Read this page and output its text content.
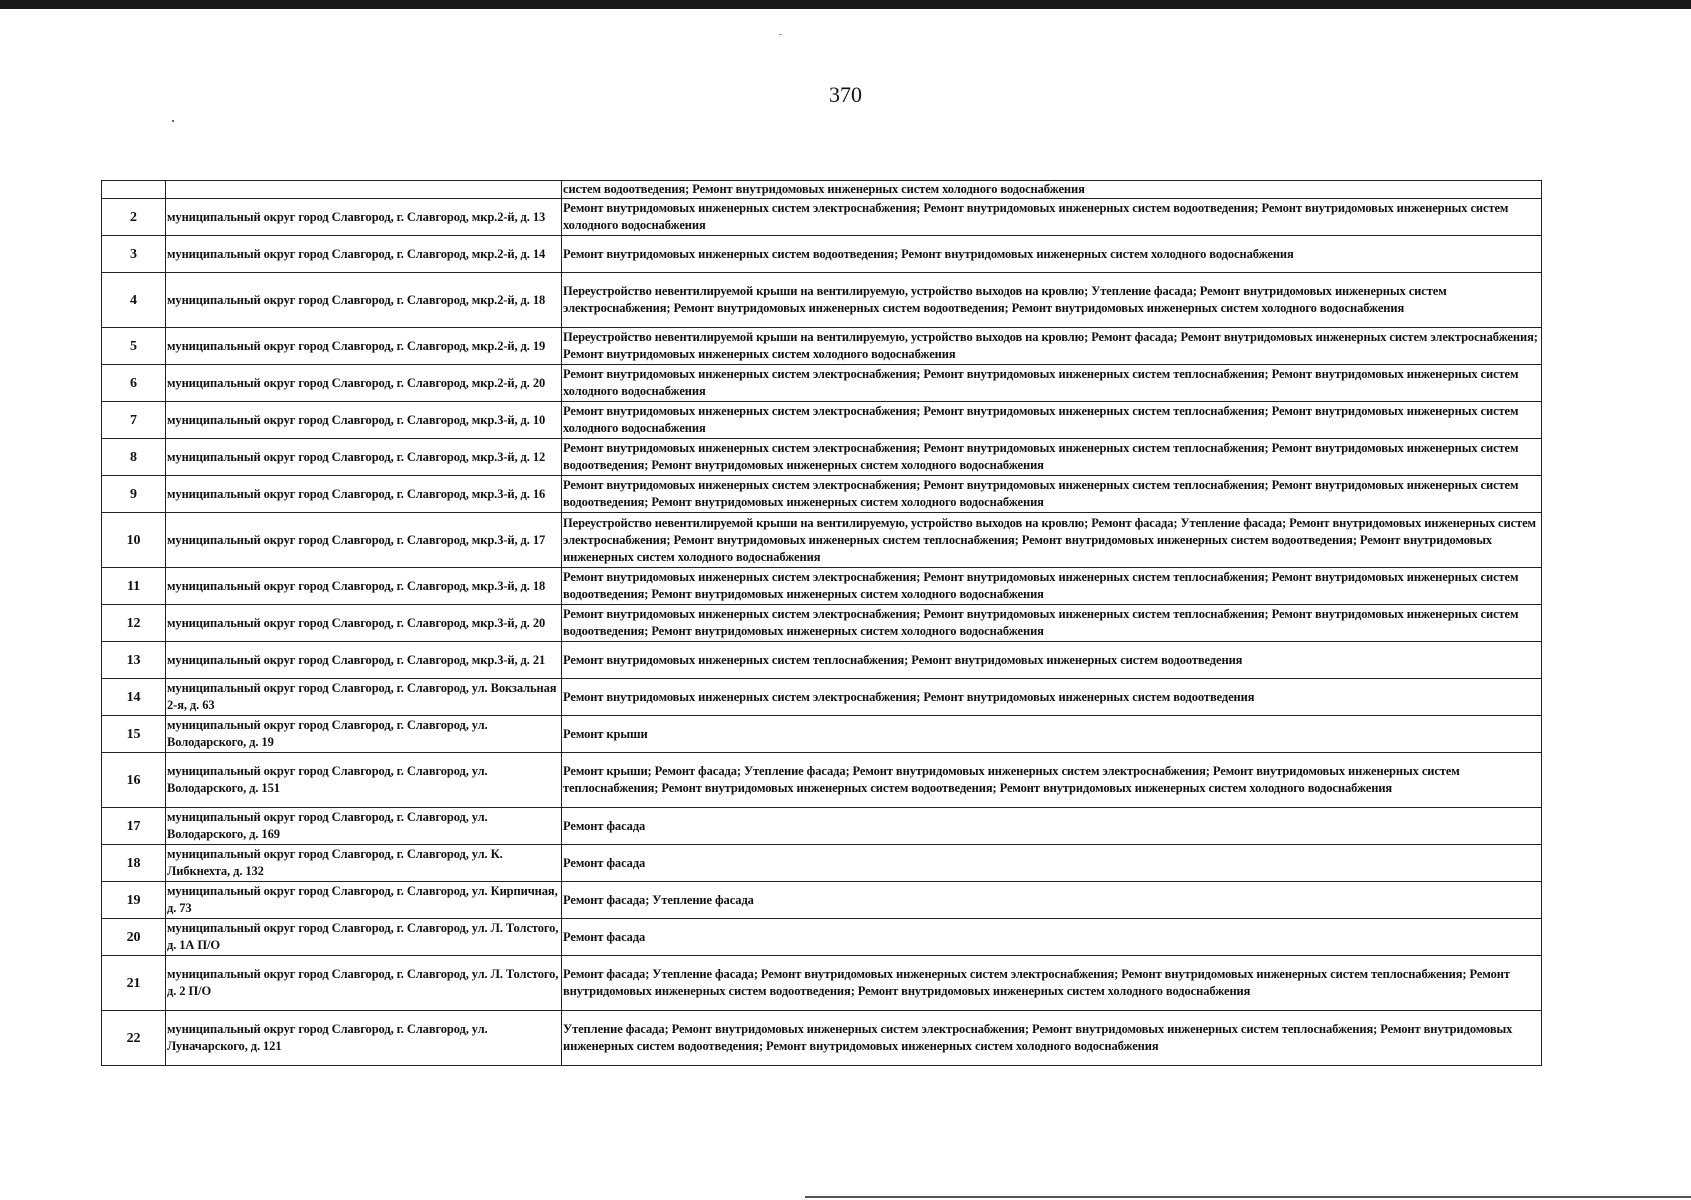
370
		систем водоотведения; Ремонт внутридомовых инженерных систем холодного водоснабжения
2	муниципальный округ город Славгород, г. Славгород, мкр.2-й, д. 13	Ремонт внутридомовых инженерных систем электроснабжения; Ремонт внутридомовых инженерных систем водоотведения; Ремонт внутридомовых инженерных систем холодного водоснабжения
3	муниципальный округ город Славгород, г. Славгород, мкр.2-й, д. 14	Ремонт внутридомовых инженерных систем водоотведения; Ремонт внутридомовых инженерных систем холодного водоснабжения
4	муниципальный округ город Славгород, г. Славгород, мкр.2-й, д. 18	Переустройство невентилируемой крыши на вентилируемую, устройство выходов на кровлю; Утепление фасада; Ремонт внутридомовых инженерных систем электроснабжения; Ремонт внутридомовых инженерных систем водоотведения; Ремонт внутридомовых инженерных систем холодного водоснабжения
5	муниципальный округ город Славгород, г. Славгород, мкр.2-й, д. 19	Переустройство невентилируемой крыши на вентилируемую, устройство выходов на кровлю; Ремонт фасада; Ремонт внутридомовых инженерных систем электроснабжения; Ремонт внутридомовых инженерных систем холодного водоснабжения
6	муниципальный округ город Славгород, г. Славгород, мкр.2-й, д. 20	Ремонт внутридомовых инженерных систем электроснабжения; Ремонт внутридомовых инженерных систем теплоснабжения; Ремонт внутридомовых инженерных систем холодного водоснабжения
7	муниципальный округ город Славгород, г. Славгород, мкр.3-й, д. 10	Ремонт внутридомовых инженерных систем электроснабжения; Ремонт внутридомовых инженерных систем теплоснабжения; Ремонт внутридомовых инженерных систем холодного водоснабжения
8	муниципальный округ город Славгород, г. Славгород, мкр.3-й, д. 12	Ремонт внутридомовых инженерных систем электроснабжения; Ремонт внутридомовых инженерных систем теплоснабжения; Ремонт внутридомовых инженерных систем водоотведения; Ремонт внутридомовых инженерных систем холодного водоснабжения
9	муниципальный округ город Славгород, г. Славгород, мкр.3-й, д. 16	Ремонт внутридомовых инженерных систем электроснабжения; Ремонт внутридомовых инженерных систем теплоснабжения; Ремонт внутридомовых инженерных систем водоотведения; Ремонт внутридомовых инженерных систем холодного водоснабжения
10	муниципальный округ город Славгород, г. Славгород, мкр.3-й, д. 17	Переустройство невентилируемой крыши на вентилируемую, устройство выходов на кровлю; Ремонт фасада; Утепление фасада; Ремонт внутридомовых инженерных систем электроснабжения; Ремонт внутридомовых инженерных систем теплоснабжения; Ремонт внутридомовых инженерных систем водоотведения; Ремонт внутридомовых инженерных систем холодного водоснабжения
11	муниципальный округ город Славгород, г. Славгород, мкр.3-й, д. 18	Ремонт внутридомовых инженерных систем электроснабжения; Ремонт внутридомовых инженерных систем теплоснабжения; Ремонт внутридомовых инженерных систем водоотведения; Ремонт внутридомовых инженерных систем холодного водоснабжения
12	муниципальный округ город Славгород, г. Славгород, мкр.3-й, д. 20	Ремонт внутридомовых инженерных систем электроснабжения; Ремонт внутридомовых инженерных систем теплоснабжения; Ремонт внутридомовых инженерных систем водоотведения; Ремонт внутридомовых инженерных систем холодного водоснабжения
13	муниципальный округ город Славгород, г. Славгород, мкр.3-й, д. 21	Ремонт внутридомовых инженерных систем теплоснабжения; Ремонт внутридомовых инженерных систем водоотведения
14	муниципальный округ город Славгород, г. Славгород, ул. Вокзальная 2-я, д. 63	Ремонт внутридомовых инженерных систем электроснабжения; Ремонт внутридомовых инженерных систем водоотведения
15	муниципальный округ город Славгород, г. Славгород, ул. Володарского, д. 19	Ремонт крыши
16	муниципальный округ город Славгород, г. Славгород, ул. Володарского, д. 151	Ремонт крыши; Ремонт фасада; Утепление фасада; Ремонт внутридомовых инженерных систем электроснабжения; Ремонт внутридомовых инженерных систем теплоснабжения; Ремонт внутридомовых инженерных систем водоотведения; Ремонт внутридомовых инженерных систем холодного водоснабжения
17	муниципальный округ город Славгород, г. Славгород, ул. Володарского, д. 169	Ремонт фасада
18	муниципальный округ город Славгород, г. Славгород, ул. К. Либкнехта, д. 132	Ремонт фасада
19	муниципальный округ город Славгород, г. Славгород, ул. Кирпичная, д. 73	Ремонт фасада; Утепление фасада
20	муниципальный округ город Славгород, г. Славгород, ул. Л. Толстого, д. 1А П/О	Ремонт фасада
21	муниципальный округ город Славгород, г. Славгород, ул. Л. Толстого, д. 2 П/О	Ремонт фасада; Утепление фасада; Ремонт внутридомовых инженерных систем электроснабжения; Ремонт внутридомовых инженерных систем теплоснабжения; Ремонт внутридомовых инженерных систем водоотведения; Ремонт внутридомовых инженерных систем холодного водоснабжения
22	муниципальный округ город Славгород, г. Славгород, ул. Луначарского, д. 121	Утепление фасада; Ремонт внутридомовых инженерных систем электроснабжения; Ремонт внутридомовых инженерных систем теплоснабжения; Ремонт внутридомовых инженерных систем водоотведения; Ремонт внутридомовых инженерных систем холодного водоснабжения
